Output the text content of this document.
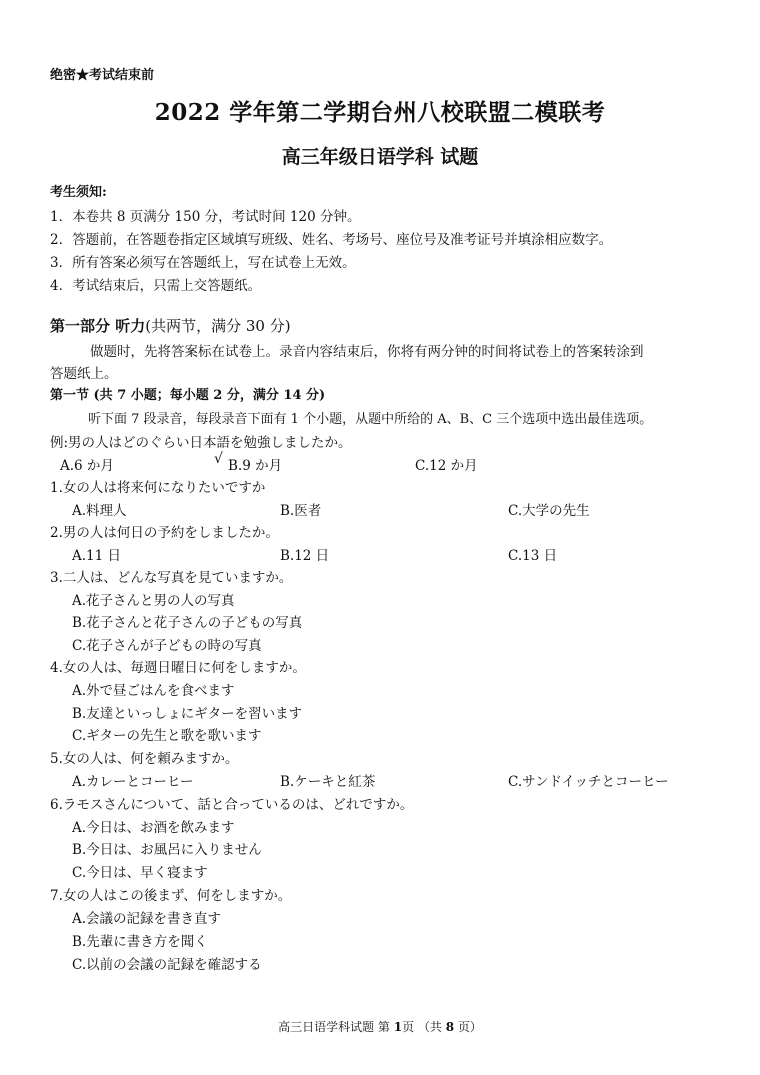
绝密★考试结束前
2022 学年第二学期台州八校联盟二模联考
高三年级日语学科 试题
考生须知:
1．本卷共 8 页满分 150 分，考试时间 120 分钟。
2．答题前，在答题卷指定区域填写班级、姓名、考场号、座位号及准考证号并填涂相应数字。
3．所有答案必须写在答题纸上，写在试卷上无效。
4．考试结束后，只需上交答题纸。
第一部分 听力(共两节，满分 30 分)
做题时，先将答案标在试卷上。录音内容结束后，你将有两分钟的时间将试卷上的答案转涂到
答题纸上。
第一节 (共 7 小题；每小题 2 分，满分 14 分)
听下面 7 段录音，每段录音下面有 1 个小题，从题中所给的 A、B、C 三个选项中选出最佳选项。
例:男の人はどのぐらい日本語を勉強しましたか。
A.6 か月	√ B.9 か月	C.12 か月
1.女の人は将来何になりたいですか
A.料理人	B.医者	C.大学の先生
2.男の人は何日の予約をしましたか。
A.11 日	B.12 日	C.13 日
3.二人は、どんな写真を見ていますか。
A.花子さんと男の人の写真
B.花子さんと花子さんの子どもの写真
C.花子さんが子どもの時の写真
4.女の人は、毎週日曜日に何をしますか。
A.外で昼ごはんを食べます
B.友達といっしょにギターを習います
C.ギターの先生と歌を歌います
5.女の人は、何を頼みますか。
A.カレーとコーヒー	B.ケーキと紅茶	C.サンドイッチとコーヒー
6.ラモスさんについて、話と合っているのは、どれですか。
A.今日は、お酒を飲みます
B.今日は、お風呂に入りません
C.今日は、早く寝ます
7.女の人はこの後まず、何をしますか。
A.会議の記録を書き直す
B.先輩に書き方を聞く
C.以前の会議の記録を確認する
高三日语学科试题 第 1页 （共 8 页）
